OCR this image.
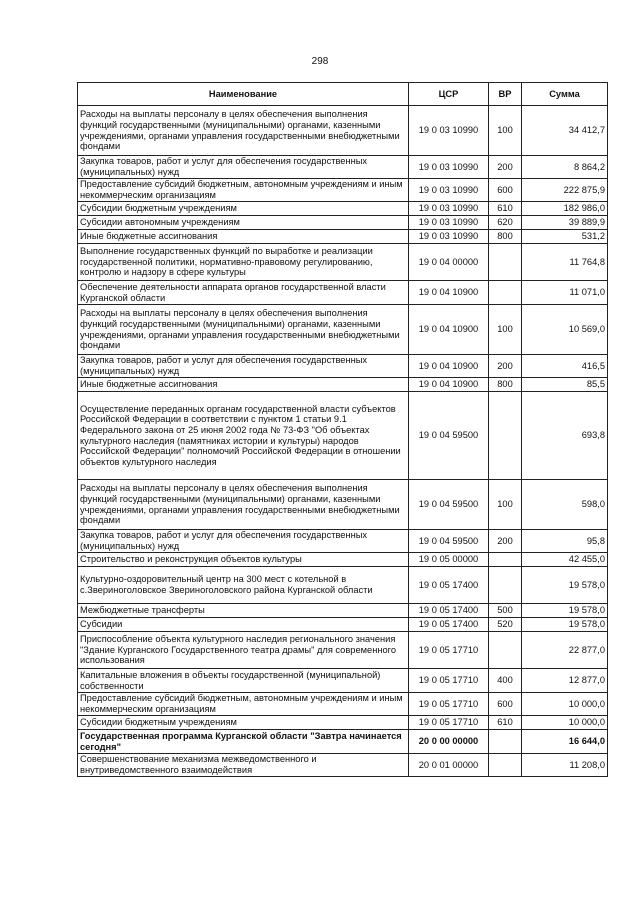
298
Наименование	ЦСР	ВР	Сумма
Расходы на выплаты персоналу в целях обеспечения выполнения функций государственными (муниципальными) органами, казенными учреждениями, органами управления государственными внебюджетными фондами	19 0 03 10990	100	34 412,7
Закупка товаров, работ и услуг для обеспечения государственных (муниципальных) нужд	19 0 03 10990	200	8 864,2
Предоставление субсидий бюджетным, автономным учреждениям и иным некоммерческим организациям	19 0 03 10990	600	222 875,9
Субсидии бюджетным учреждениям	19 0 03 10990	610	182 986,0
Субсидии автономным учреждениям	19 0 03 10990	620	39 889,9
Иные бюджетные ассигнования	19 0 03 10990	800	531,2
Выполнение государственных функций по выработке и реализации государственной политики, нормативно-правовому регулированию, контролю и надзору в сфере культуры	19 0 04 00000		11 764,8
Обеспечение деятельности аппарата органов государственной власти Курганской области	19 0 04 10900		11 071,0
Расходы на выплаты персоналу в целях обеспечения выполнения функций государственными (муниципальными) органами, казенными учреждениями, органами управления государственными внебюджетными фондами	19 0 04 10900	100	10 569,0
Закупка товаров, работ и услуг для обеспечения государственных (муниципальных) нужд	19 0 04 10900	200	416,5
Иные бюджетные ассигнования	19 0 04 10900	800	85,5
Осуществление переданных органам государственной власти субъектов Российской Федерации в соответствии с пунктом 1 статьи 9.1 Федерального закона от 25 июня 2002 года № 73-ФЗ "Об объектах культурного наследия (памятниках истории и культуры) народов Российской Федерации" полномочий Российской Федерации в отношении объектов культурного наследия	19 0 04 59500		693,8
Расходы на выплаты персоналу в целях обеспечения выполнения функций государственными (муниципальными) органами, казенными учреждениями, органами управления государственными внебюджетными фондами	19 0 04 59500	100	598,0
Закупка товаров, работ и услуг для обеспечения государственных (муниципальных) нужд	19 0 04 59500	200	95,8
Строительство и реконструкция объектов культуры	19 0 05 00000		42 455,0
Культурно-оздоровительный центр на 300 мест с котельной в с.Звериноголовское Звериноголовского района Курганской области	19 0 05 17400		19 578,0
Межбюджетные трансферты	19 0 05 17400	500	19 578,0
Субсидии	19 0 05 17400	520	19 578,0
Приспособление объекта культурного наследия регионального значения "Здание Курганского Государственного театра драмы" для современного использования	19 0 05 17710		22 877,0
Капитальные вложения в объекты государственной (муниципальной) собственности	19 0 05 17710	400	12 877,0
Предоставление субсидий бюджетным, автономным учреждениям и иным некоммерческим организациям	19 0 05 17710	600	10 000,0
Субсидии бюджетным учреждениям	19 0 05 17710	610	10 000,0
Государственная программа Курганской области "Завтра начинается сегодня"	20 0 00 00000		16 644,0
Совершенствование механизма межведомственного и внутриведомственного взаимодействия	20 0 01 00000		11 208,0
